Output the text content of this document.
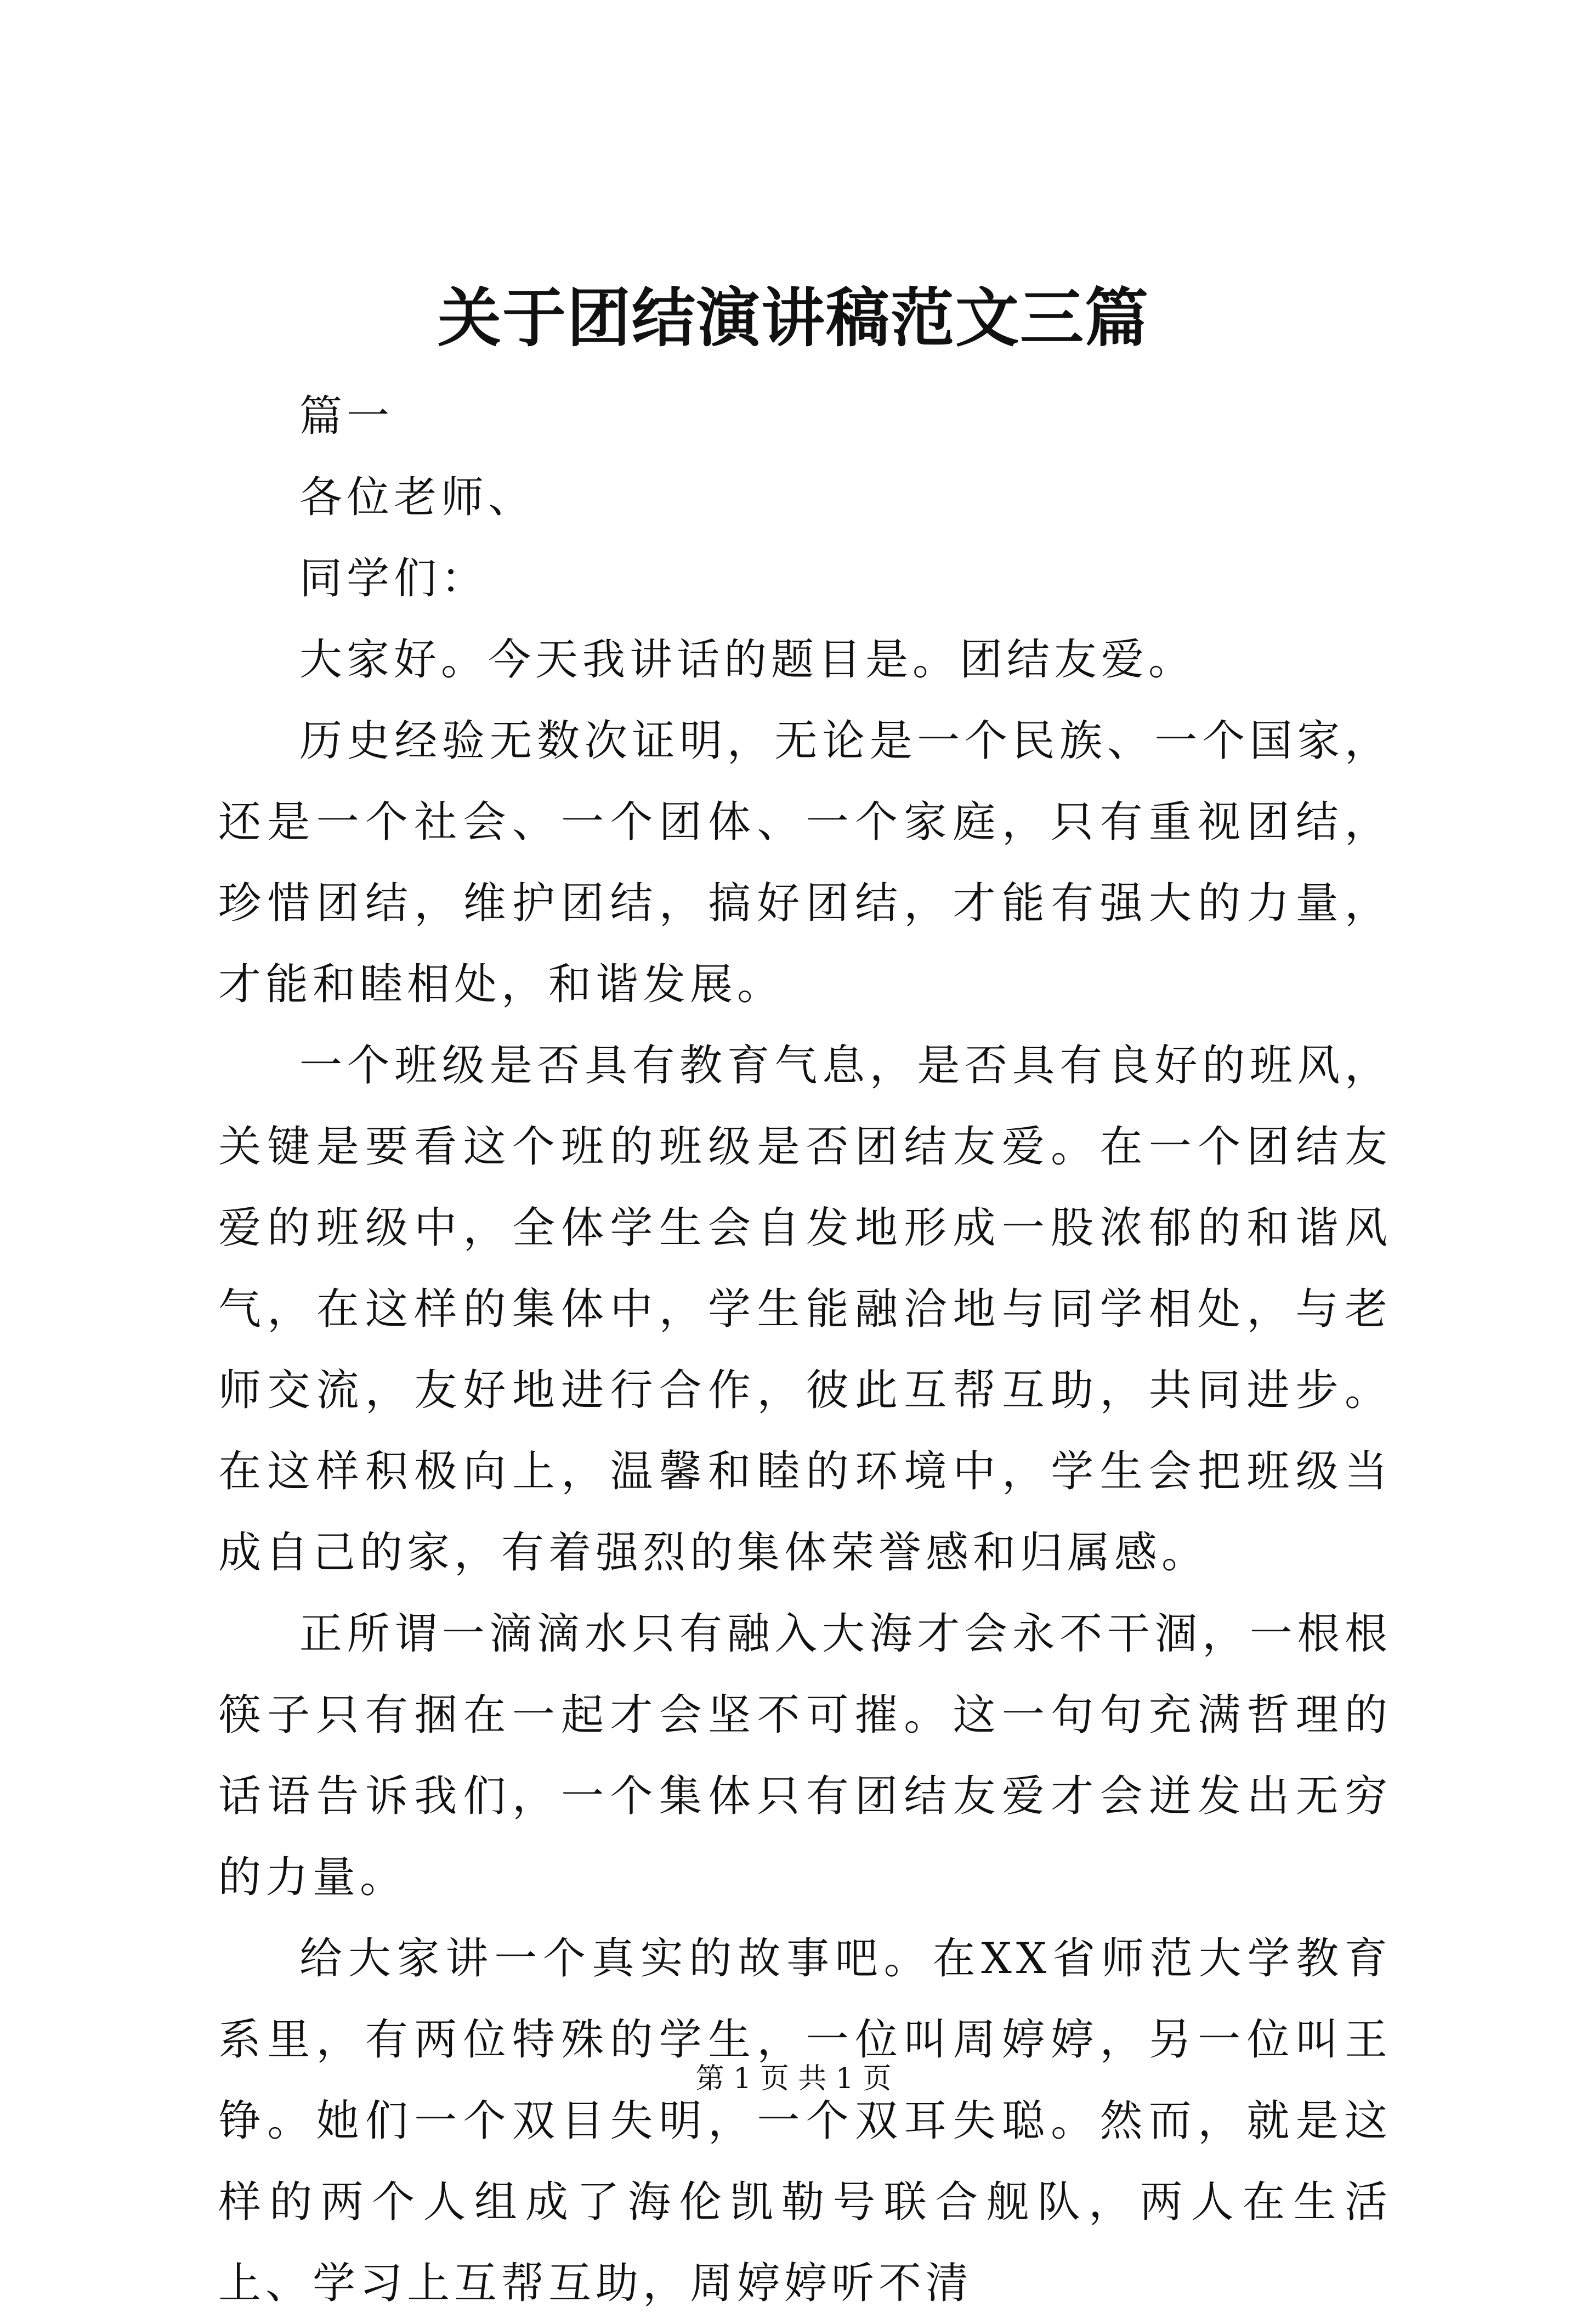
关于团结演讲稿范文三篇

篇一

各位老师、

同学们：

大家好。今天我讲话的题目是。团结友爱。

历史经验无数次证明，无论是一个民族、一个国家，还是一个社会、一个团体、一个家庭，只有重视团结，珍惜团结，维护团结，搞好团结，才能有强大的力量，才能和睦相处，和谐发展。

一个班级是否具有教育气息，是否具有良好的班风，关键是要看这个班的班级是否团结友爱。在一个团结友爱的班级中，全体学生会自发地形成一股浓郁的和谐风气，在这样的集体中，学生能融洽地与同学相处，与老师交流，友好地进行合作，彼此互帮互助，共同进步。在这样积极向上，温馨和睦的环境中，学生会把班级当成自己的家，有着强烈的集体荣誉感和归属感。

正所谓一滴滴水只有融入大海才会永不干涸，一根根筷子只有捆在一起才会坚不可摧。这一句句充满哲理的话语告诉我们，一个集体只有团结友爱才会迸发出无穷的力量。

给大家讲一个真实的故事吧。在XX省师范大学教育系里，有两位特殊的学生，一位叫周婷婷，另一位叫王铮。她们一个双目失明，一个双耳失聪。然而，就是这样的两个人组成了海伦凯勒号联合舰队，两人在生活上、学习上互帮互助，周婷婷听不清

第 1 页 共 1 页
